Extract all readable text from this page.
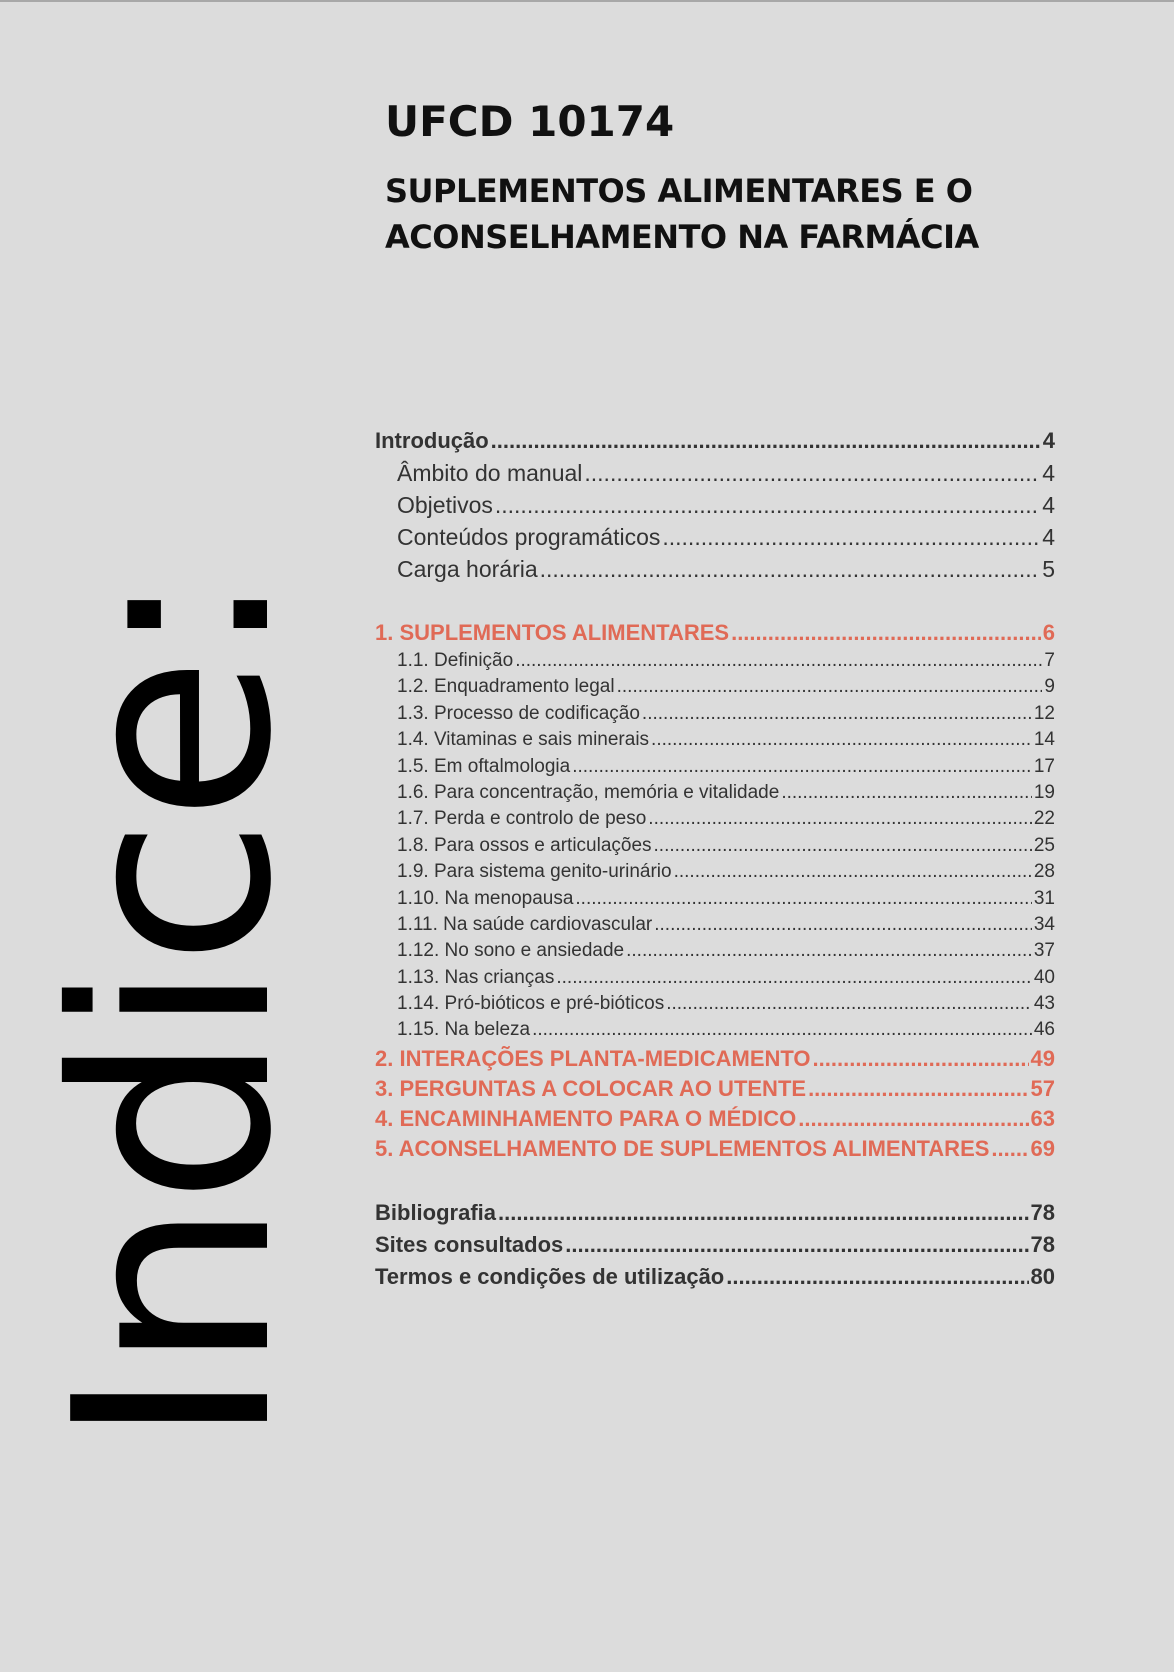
UFCD 10174
SUPLEMENTOS ALIMENTARES E O
ACONSELHAMENTO NA FARMÁCIA
Indice:
Introdução .....	4
Âmbito do manual .....	4
Objetivos .....	4
Conteúdos programáticos .....	4
Carga horária .....	5
1. SUPLEMENTOS ALIMENTARES .....	6
1.1. Definição .....	7
1.2. Enquadramento legal .....	9
1.3. Processo de codificação .....	12
1.4. Vitaminas e sais minerais .....	14
1.5. Em oftalmologia .....	17
1.6. Para concentração, memória e vitalidade .....	19
1.7. Perda e controlo de peso .....	22
1.8. Para ossos e articulações .....	25
1.9. Para sistema genito-urinário .....	28
1.10. Na menopausa .....	31
1.11. Na saúde cardiovascular .....	34
1.12. No sono e ansiedade .....	37
1.13. Nas crianças .....	40
1.14. Pró-bióticos e pré-bióticos .....	43
1.15. Na beleza .....	46
2. INTERAÇÕES PLANTA-MEDICAMENTO .....	49
3. PERGUNTAS A COLOCAR AO UTENTE .....	57
4. ENCAMINHAMENTO PARA O MÉDICO .....	63
5. ACONSELHAMENTO DE SUPLEMENTOS ALIMENTARES ..... 69
Bibliografia .....	78
Sites consultados .....	78
Termos e condições de utilização .....	80
